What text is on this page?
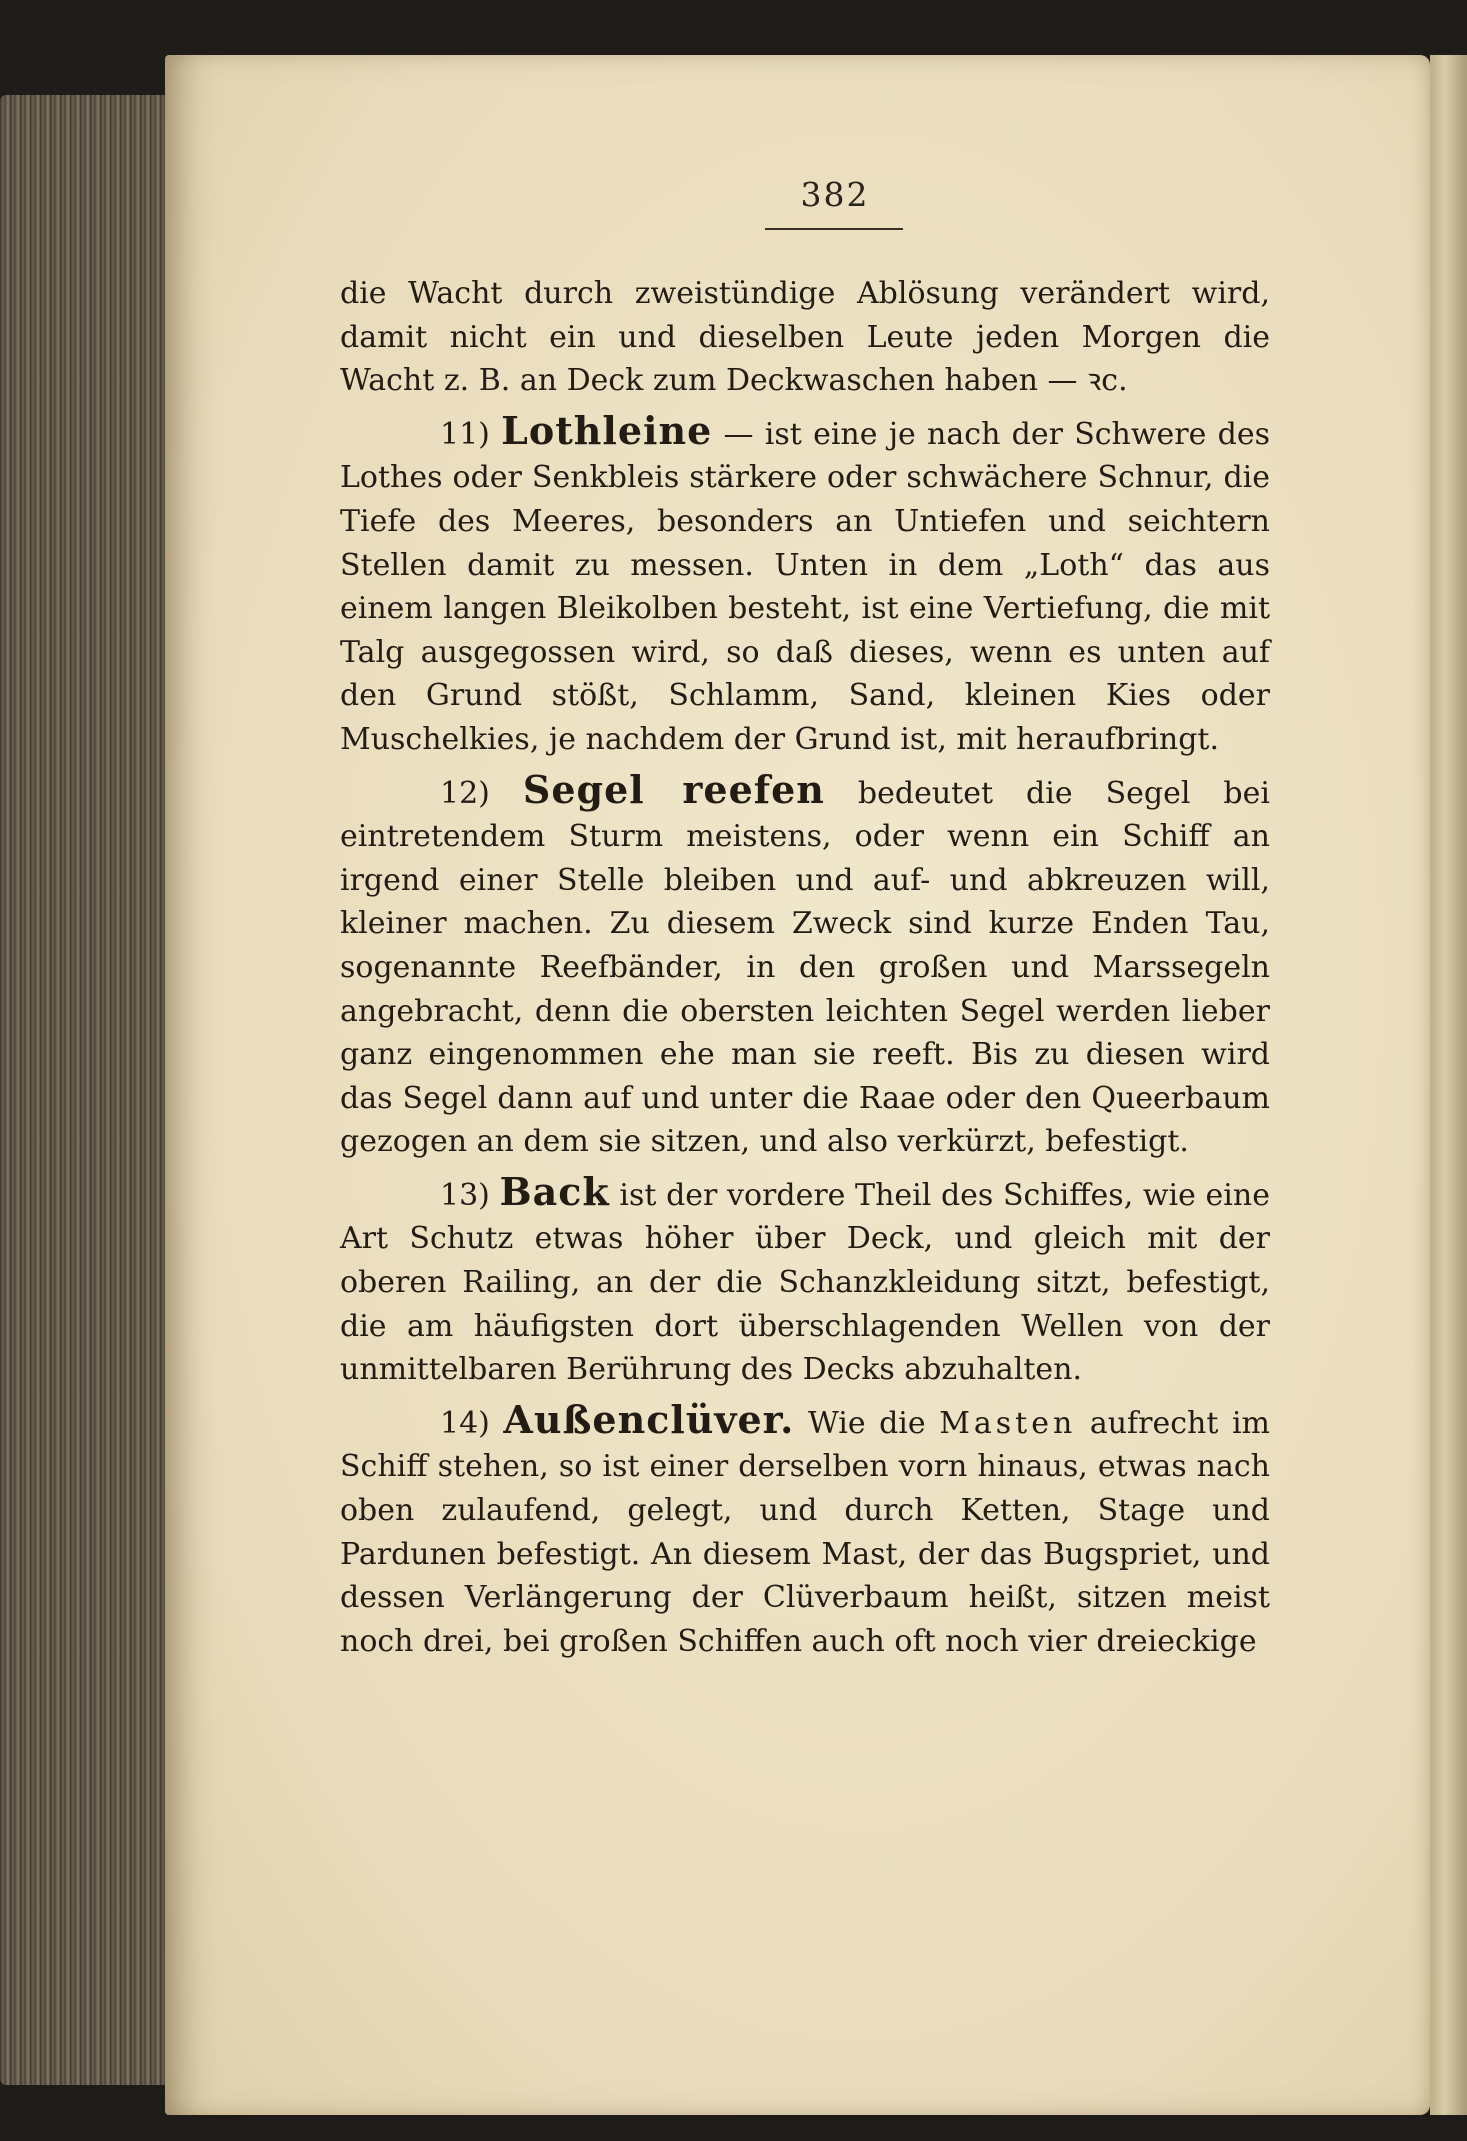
382

die Wacht durch zweistündige Ablösung verändert wird, damit nicht ein und dieselben Leute jeden Morgen die Wacht z. B. an Deck zum Deckwaschen haben — ꝛc.

11) Lothleine — ist eine je nach der Schwere des Lothes oder Senkbleis stärkere oder schwächere Schnur, die Tiefe des Meeres, besonders an Untiefen und seichtern Stellen damit zu messen. Unten in dem „Loth“ das aus einem langen Bleikolben besteht, ist eine Vertiefung, die mit Talg ausgegossen wird, so daß dieses, wenn es unten auf den Grund stößt, Schlamm, Sand, kleinen Kies oder Muschelkies, je nachdem der Grund ist, mit heraufbringt.

12) Segel reefen bedeutet die Segel bei eintretendem Sturm meistens, oder wenn ein Schiff an irgend einer Stelle bleiben und auf- und abkreuzen will, kleiner machen. Zu diesem Zweck sind kurze Enden Tau, sogenannte Reefbänder, in den großen und Marssegeln angebracht, denn die obersten leichten Segel werden lieber ganz eingenommen ehe man sie reeft. Bis zu diesen wird das Segel dann auf und unter die Raae oder den Queerbaum gezogen an dem sie sitzen, und also verkürzt, befestigt.

13) Back ist der vordere Theil des Schiffes, wie eine Art Schutz etwas höher über Deck, und gleich mit der oberen Railing, an der die Schanzkleidung sitzt, befestigt, die am häufigsten dort überschlagenden Wellen von der unmittelbaren Berührung des Decks abzuhalten.

14) Außenclüver. Wie die Masten aufrecht im Schiff stehen, so ist einer derselben vorn hinaus, etwas nach oben zulaufend, gelegt, und durch Ketten, Stage und Pardunen befestigt. An diesem Mast, der das Bugspriet, und dessen Verlängerung der Clüverbaum heißt, sitzen meist noch drei, bei großen Schiffen auch oft noch vier dreieckige
